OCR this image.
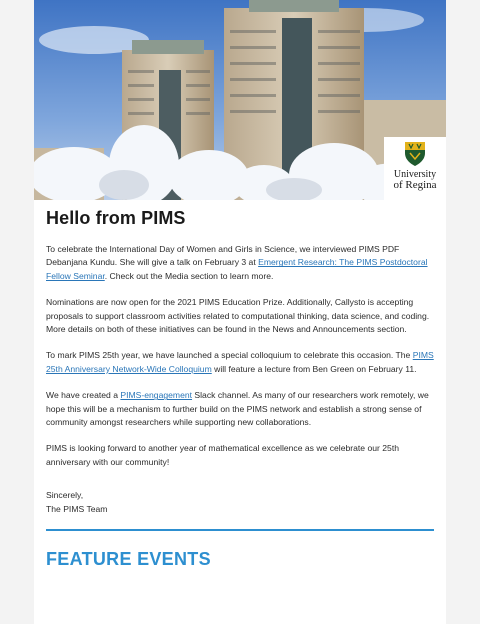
University
of Regina
Hello from PIMS

To celebrate the International Day of Women and Girls in Science, we interviewed PIMS PDF Debanjana Kundu. She will give a talk on February 3 at Emergent Research: The PIMS Postdoctoral Fellow Seminar. Check out the Media section to learn more.

Nominations are now open for the 2021 PIMS Education Prize. Additionally, Callysto is accepting proposals to support classroom activities related to computational thinking, data science, and coding. More details on both of these initiatives can be found in the News and Announcements section.

To mark PIMS 25th year, we have launched a special colloquium to celebrate this occasion. The PIMS 25th Anniversary Network-Wide Colloquium will feature a lecture from Ben Green on February 11.

We have created a PIMS-engagement Slack channel. As many of our researchers work remotely, we hope this will be a mechanism to further build on the PIMS network and establish a strong sense of community amongst researchers while supporting new collaborations.

PIMS is looking forward to another year of mathematical excellence as we celebrate our 25th anniversary with our community!

Sincerely,
The PIMS Team

FEATURE EVENTS
